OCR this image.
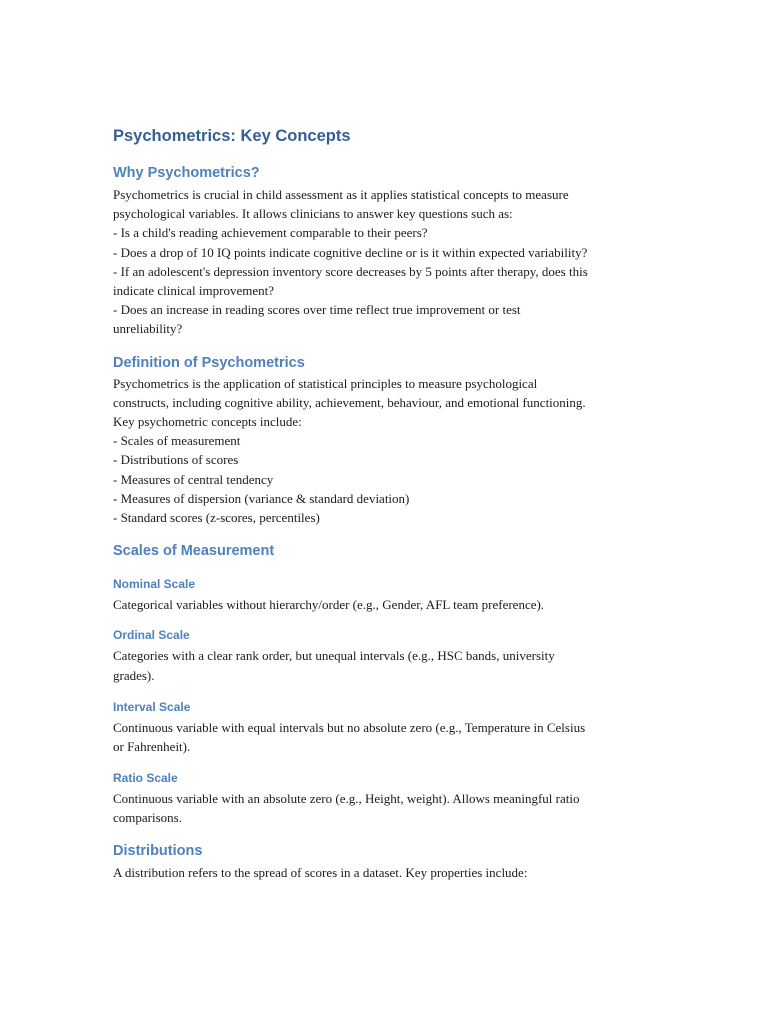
Psychometrics: Key Concepts
Why Psychometrics?
Psychometrics is crucial in child assessment as it applies statistical concepts to measure
psychological variables. It allows clinicians to answer key questions such as:
- Is a child's reading achievement comparable to their peers?
- Does a drop of 10 IQ points indicate cognitive decline or is it within expected variability?
- If an adolescent's depression inventory score decreases by 5 points after therapy, does this
indicate clinical improvement?
- Does an increase in reading scores over time reflect true improvement or test
unreliability?
Definition of Psychometrics
Psychometrics is the application of statistical principles to measure psychological
constructs, including cognitive ability, achievement, behaviour, and emotional functioning.
Key psychometric concepts include:
- Scales of measurement
- Distributions of scores
- Measures of central tendency
- Measures of dispersion (variance & standard deviation)
- Standard scores (z-scores, percentiles)
Scales of Measurement
Nominal Scale
Categorical variables without hierarchy/order (e.g., Gender, AFL team preference).
Ordinal Scale
Categories with a clear rank order, but unequal intervals (e.g., HSC bands, university
grades).
Interval Scale
Continuous variable with equal intervals but no absolute zero (e.g., Temperature in Celsius
or Fahrenheit).
Ratio Scale
Continuous variable with an absolute zero (e.g., Height, weight). Allows meaningful ratio
comparisons.
Distributions
A distribution refers to the spread of scores in a dataset. Key properties include:
